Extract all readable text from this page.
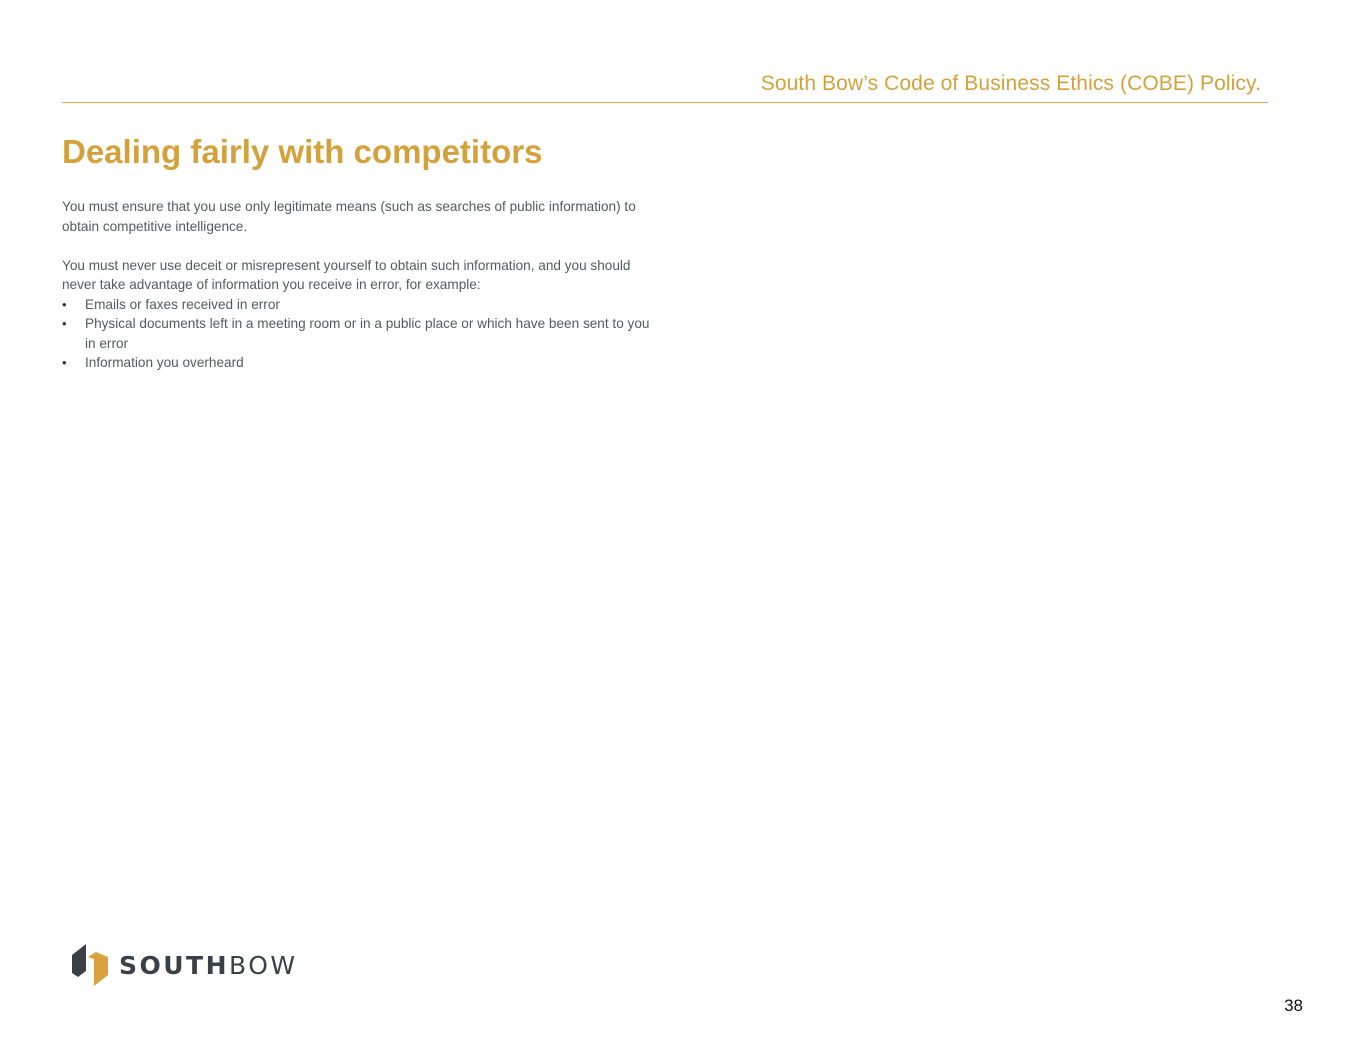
South Bow’s Code of Business Ethics (COBE) Policy.
Dealing fairly with competitors

You must ensure that you use only legitimate means (such as searches of public information) to obtain competitive intelligence.

You must never use deceit or misrepresent yourself to obtain such information, and you should never take advantage of information you receive in error, for example:

• Emails or faxes received in error
• Physical documents left in a meeting room or in a public place or which have been sent to you in error
• Information you overheard
SOUTHBOW
38
